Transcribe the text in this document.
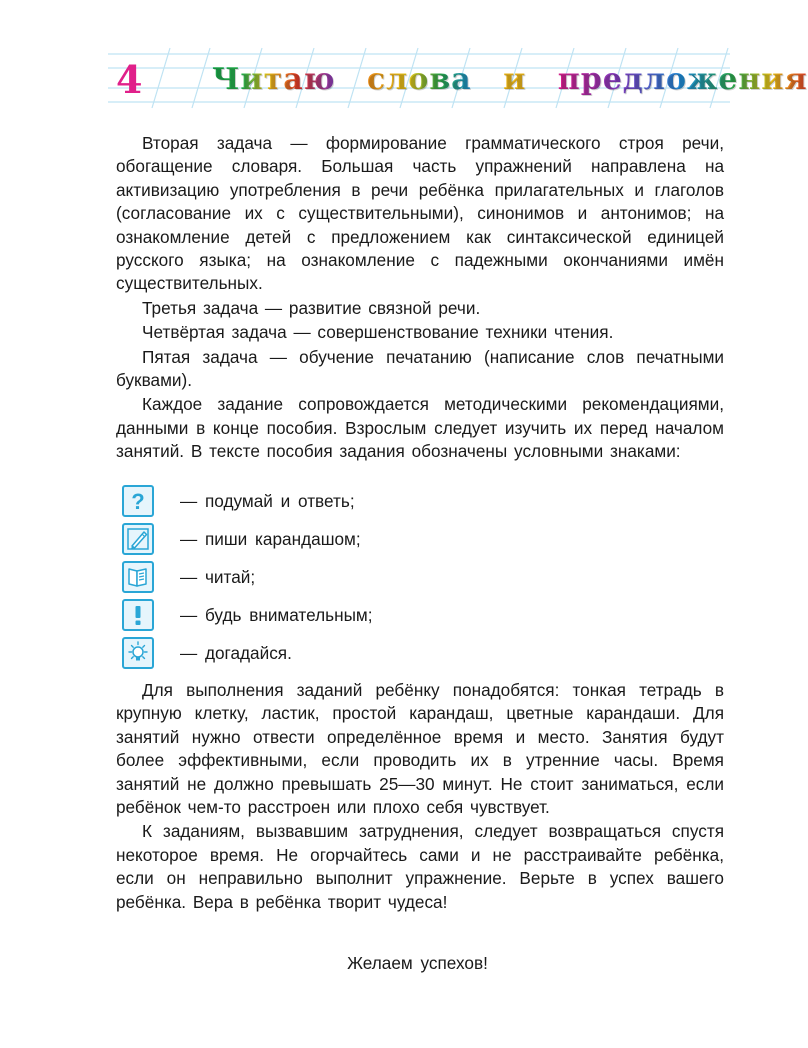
4 Читаю слова и предложения

Вторая задача — формирование грамматического строя речи, обогащение словаря. Большая часть упражнений направлена на активизацию употребления в речи ребёнка прилагательных и глаголов (согласование их с существительными), синонимов и антонимов; на ознакомление детей с предложением как синтаксической единицей русского языка; на ознакомление с падежными окончаниями имён существительных.

Третья задача — развитие связной речи.

Четвёртая задача — совершенствование техники чтения.

Пятая задача — обучение печатанию (написание слов печатными буквами).

Каждое задание сопровождается методическими рекомендациями, данными в конце пособия. Взрослым следует изучить их перед началом занятий. В тексте пособия задания обозначены условными знаками:

? — подумай и ответь;
— пиши карандашом;
— читай;
— будь внимательным;
— догадайся.

Для выполнения заданий ребёнку понадобятся: тонкая тетрадь в крупную клетку, ластик, простой карандаш, цветные карандаши. Для занятий нужно отвести определённое время и место. Занятия будут более эффективными, если проводить их в утренние часы. Время занятий не должно превышать 25—30 минут. Не стоит заниматься, если ребёнок чем-то расстроен или плохо себя чувствует.

К заданиям, вызвавшим затруднения, следует возвращаться спустя некоторое время. Не огорчайтесь сами и не расстраивайте ребёнка, если он неправильно выполнит упражнение. Верьте в успех вашего ребёнка. Вера в ребёнка творит чудеса!

Желаем успехов!
